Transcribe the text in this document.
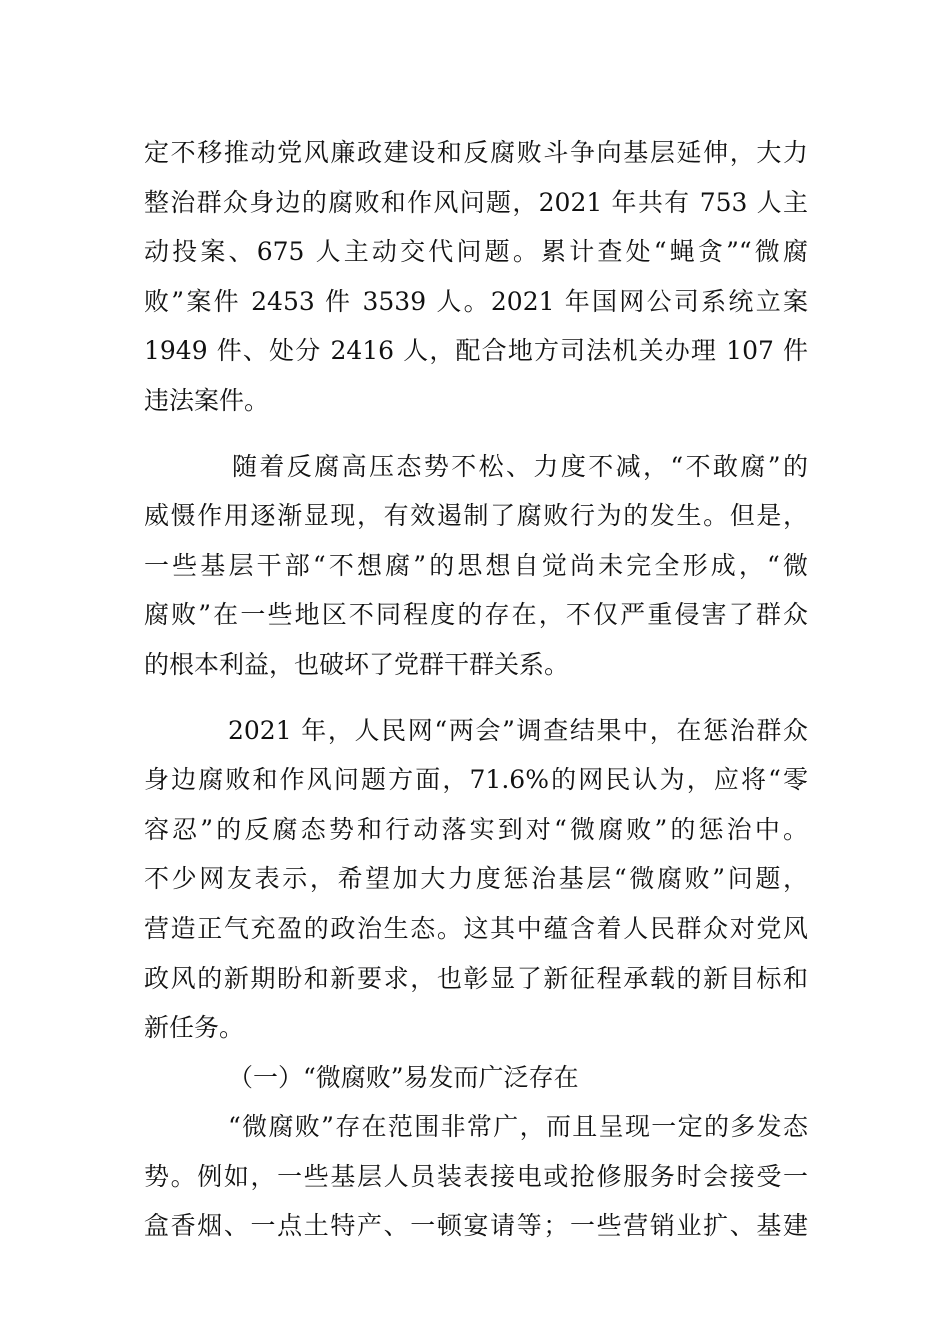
定不移推动党风廉政建设和反腐败斗争向基层延伸，大力
整治群众身边的腐败和作风问题，2021 年共有 753 人主
动投案、675 人主动交代问题。累计查处“蝇贪”“微腐
败”案件 2453 件 3539 人。2021 年国网公司系统立案
1949 件、处分 2416 人，配合地方司法机关办理 107 件
违法案件。
随着反腐高压态势不松、力度不减，“不敢腐”的
威慑作用逐渐显现，有效遏制了腐败行为的发生。但是，
一些基层干部“不想腐”的思想自觉尚未完全形成，“微
腐败”在一些地区不同程度的存在，不仅严重侵害了群众
的根本利益，也破坏了党群干群关系。
2021 年，人民网“两会”调查结果中，在惩治群众
身边腐败和作风问题方面，71.6%的网民认为，应将“零
容忍”的反腐态势和行动落实到对“微腐败”的惩治中。
不少网友表示，希望加大力度惩治基层“微腐败”问题，
营造正气充盈的政治生态。这其中蕴含着人民群众对党风
政风的新期盼和新要求，也彰显了新征程承载的新目标和
新任务。
（一）“微腐败”易发而广泛存在
“微腐败”存在范围非常广，而且呈现一定的多发态
势。例如，一些基层人员装表接电或抢修服务时会接受一
盒香烟、一点土特产、一顿宴请等；一些营销业扩、基建
